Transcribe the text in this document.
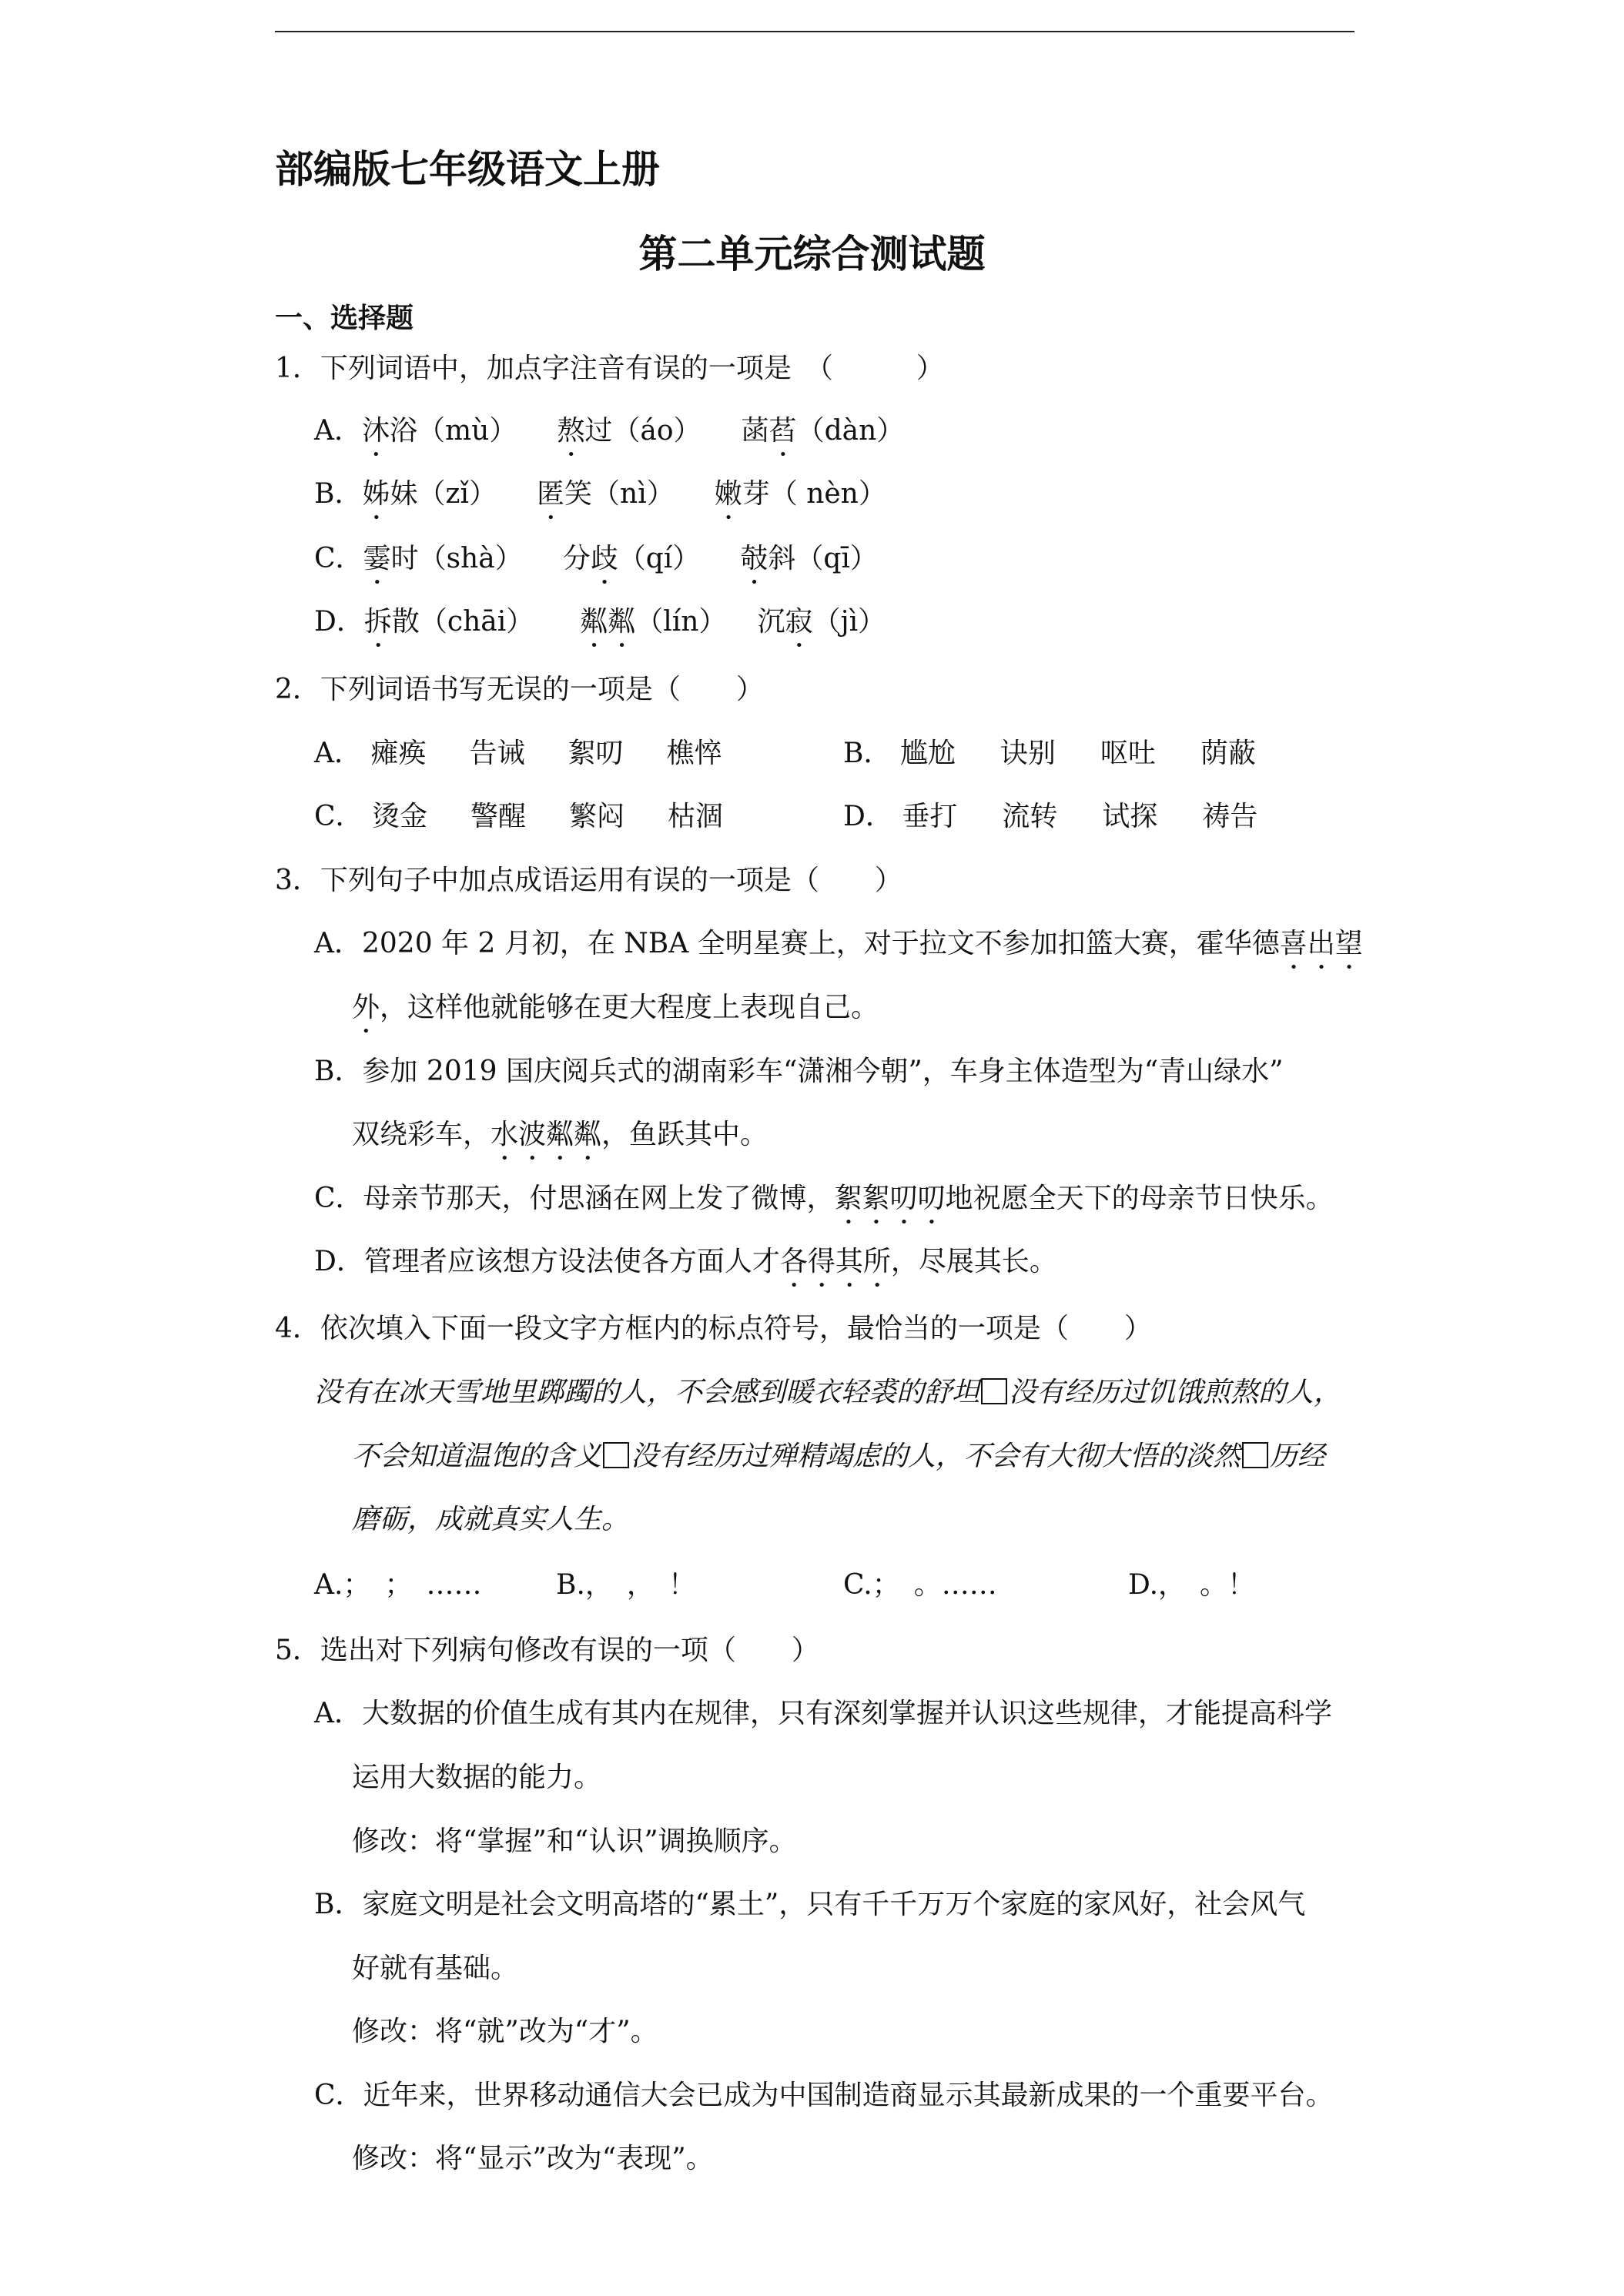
部编版七年级语文上册
第二单元综合测试题
一、选择题
1．下列词语中，加点字注音有误的一项是　（　　　）
A．沐浴（mù） 熬过（áo） 菡萏（dàn）
B．姊妹（zǐ） 匿笑（nì） 嫩芽（ nèn）
C．霎时（shà） 分歧（qí） 攲斜（qī）
D．拆散（chāi） 粼粼（lín） 沉寂（jì）
2．下列词语书写无误的一项是（　　）
A． 瘫痪 告诫 絮叨 樵悴	B． 尴尬 诀别 呕吐 荫蔽
C． 烫金 警醒 繁闷 枯涸	D． 垂打 流转 试探 祷告
3．下列句子中加点成语运用有误的一项是（　　）
A．2020 年 2 月初，在 NBA 全明星赛上，对于拉文不参加扣篮大赛，霍华德喜出望
外，这样他就能够在更大程度上表现自己。
B．参加 2019 国庆阅兵式的湖南彩车“潇湘今朝”，车身主体造型为“青山绿水”
双绕彩车，水波粼粼，鱼跃其中。
C．母亲节那天，付思涵在网上发了微博，絮絮叨叨地祝愿全天下的母亲节日快乐。
D．管理者应该想方设法使各方面人才各得其所，尽展其长。
4．依次填入下面一段文字方框内的标点符号，最恰当的一项是（　　）
没有在冰天雪地里踯躅的人，不会感到暖衣轻裘的舒坦 没有经历过饥饿煎熬的人，
不会知道温饱的含义 没有经历过殚精竭虑的人，不会有大彻大悟的淡然 历经
磨砺，成就真实人生。
A.；　；　……	B.，　，　！	C.；　。……	D.，　。！
5．选出对下列病句修改有误的一项（　　）
A．大数据的价值生成有其内在规律，只有深刻掌握并认识这些规律，才能提高科学
运用大数据的能力。
修改：将“掌握”和“认识”调换顺序。
B．家庭文明是社会文明高塔的“累土”，只有千千万万个家庭的家风好，社会风气
好就有基础。
修改：将“就”改为“才”。
C．近年来，世界移动通信大会已成为中国制造商显示其最新成果的一个重要平台。
修改：将“显示”改为“表现”。
